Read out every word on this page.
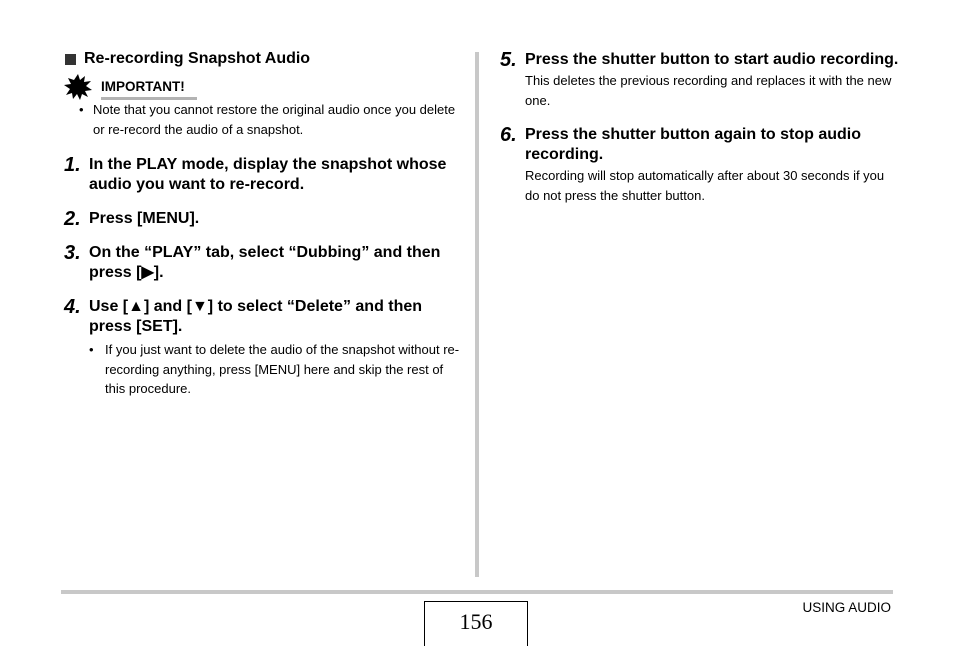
Re-recording Snapshot Audio
IMPORTANT!
• Note that you cannot restore the original audio once you delete or re-record the audio of a snapshot.
1. In the PLAY mode, display the snapshot whose audio you want to re-record.
2. Press [MENU].
3. On the “PLAY” tab, select “Dubbing” and then press [▶].
4. Use [▲] and [▼] to select “Delete” and then press [SET].
• If you just want to delete the audio of the snapshot without re-recording anything, press [MENU] here and skip the rest of this procedure.
5. Press the shutter button to start audio recording.
This deletes the previous recording and replaces it with the new one.
6. Press the shutter button again to stop audio recording.
Recording will stop automatically after about 30 seconds if you do not press the shutter button.
156
USING AUDIO
